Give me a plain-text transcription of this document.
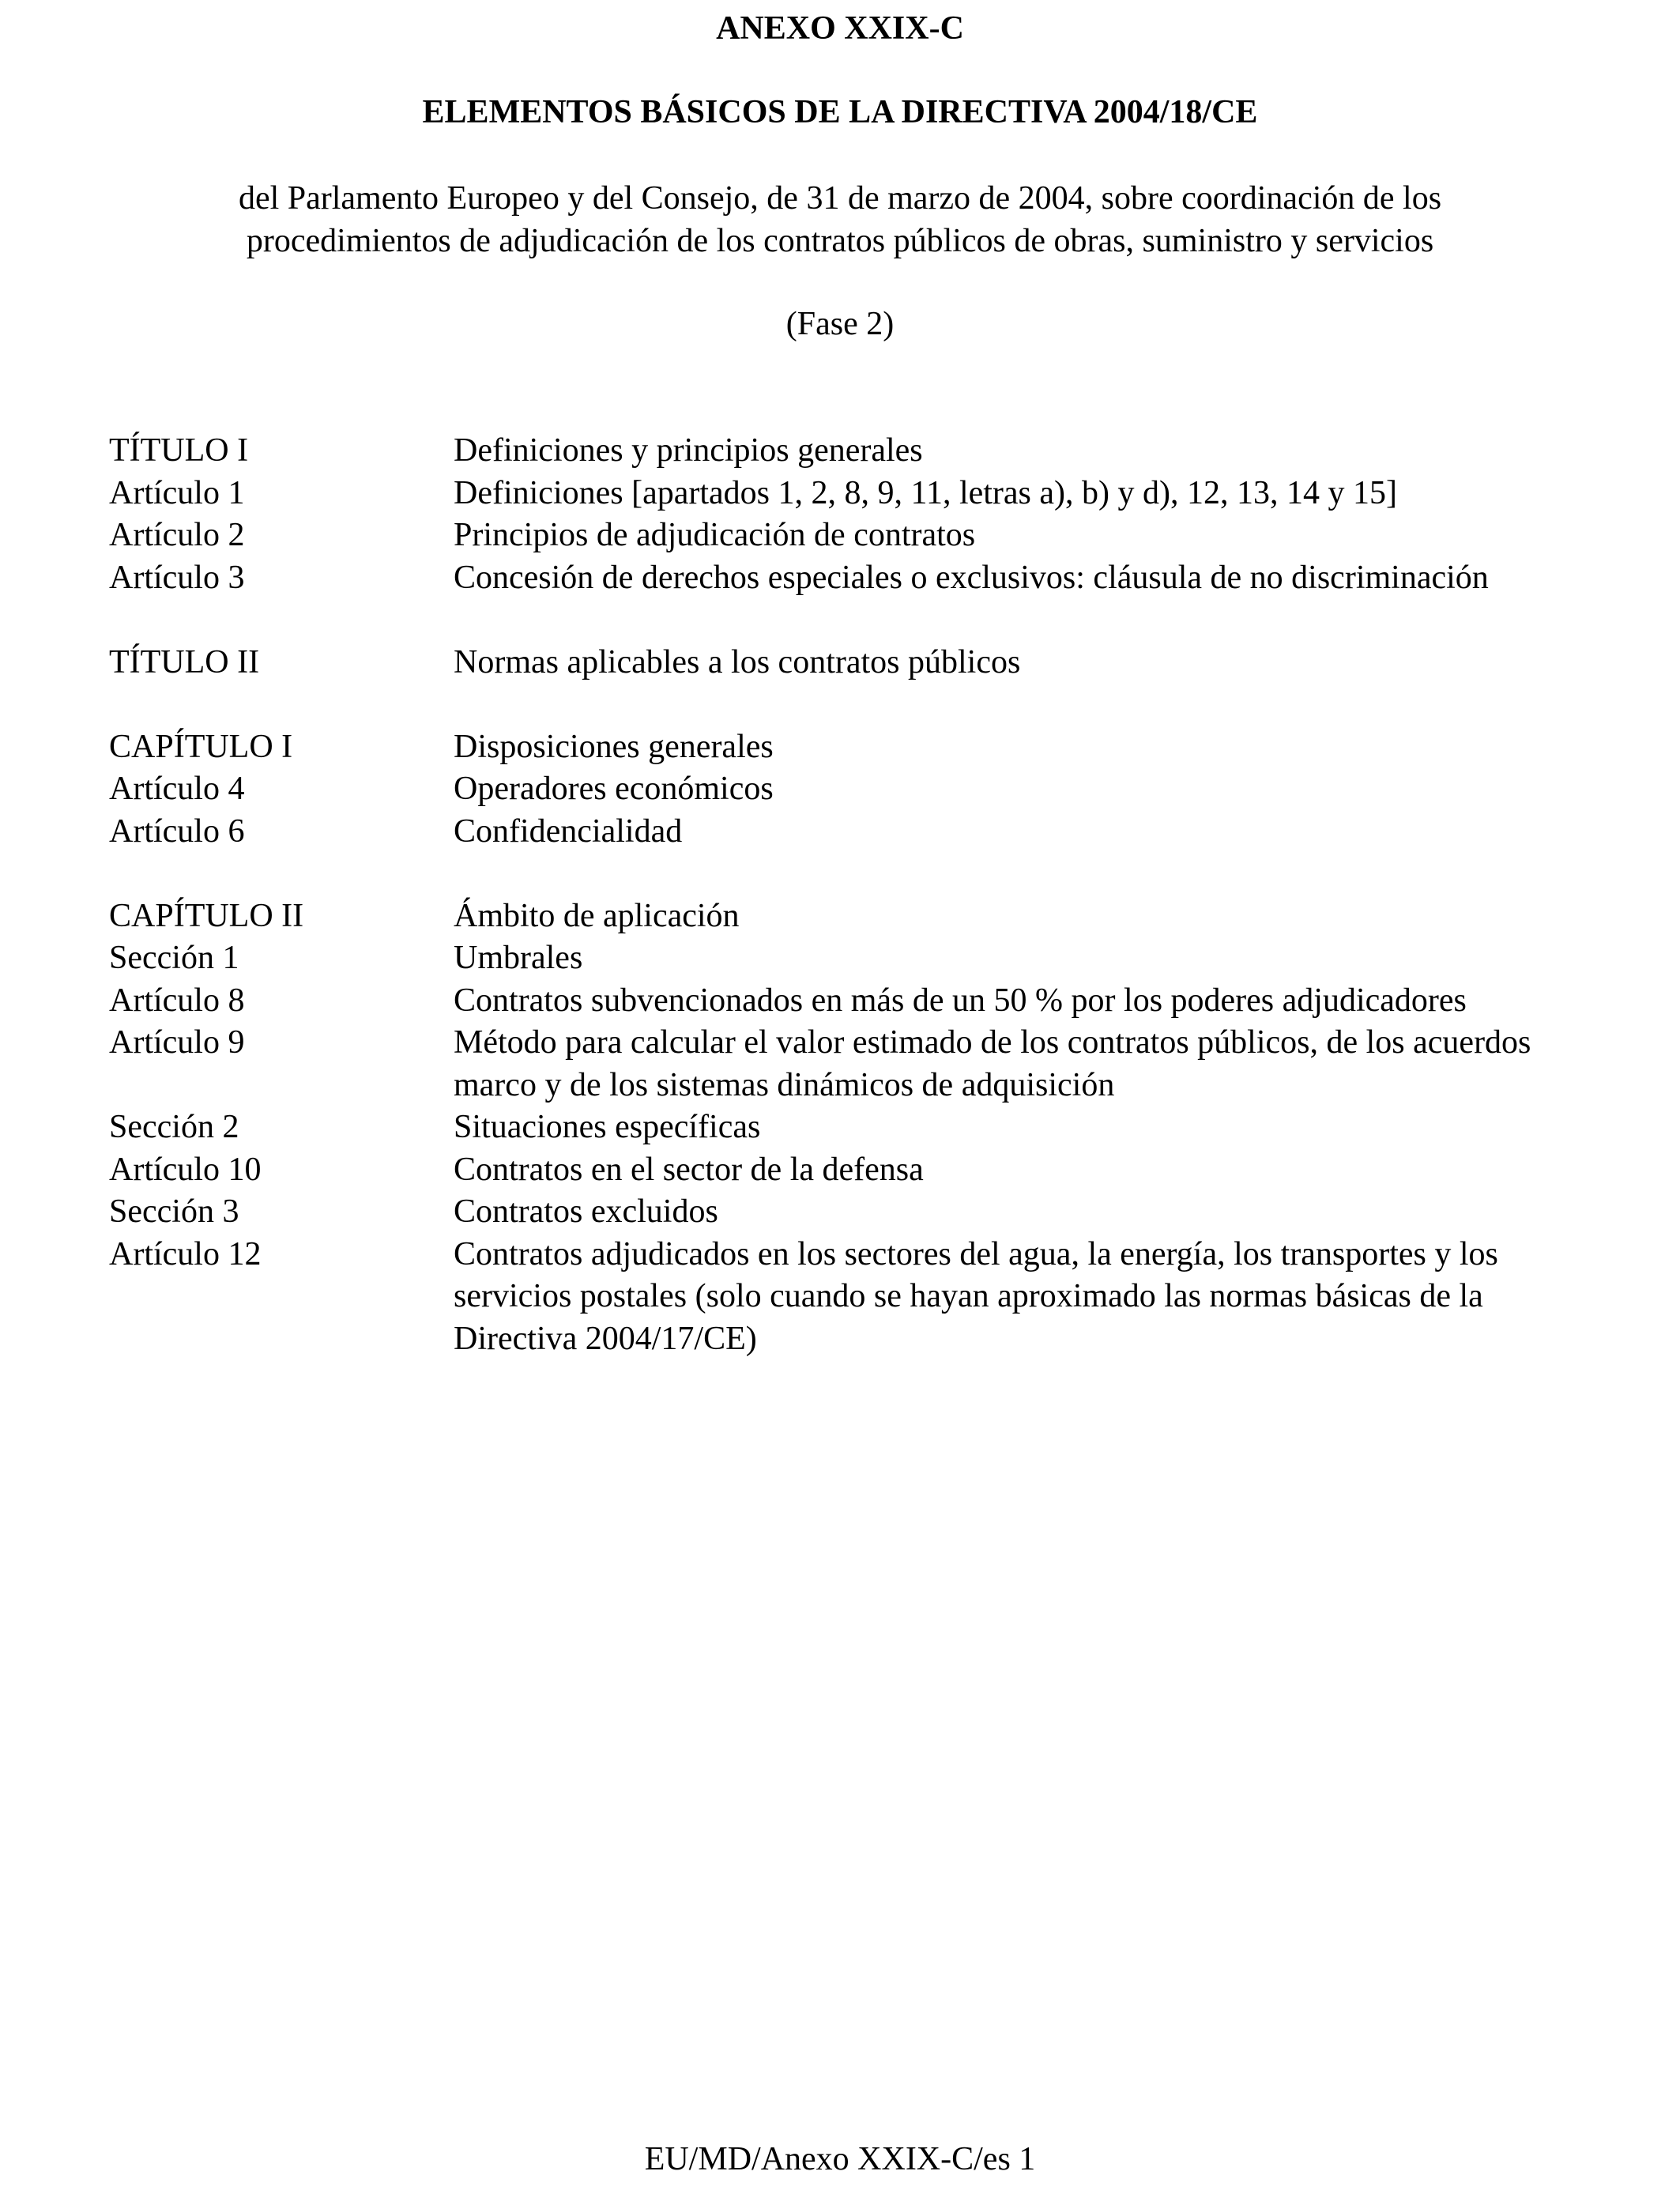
ANEXO XXIX-C

ELEMENTOS BÁSICOS DE LA DIRECTIVA 2004/18/CE

del Parlamento Europeo y del Consejo, de 31 de marzo de 2004, sobre coordinación de los
procedimientos de adjudicación de los contratos públicos de obras, suministro y servicios

(Fase 2)

TÍTULO I	Definiciones y principios generales
Artículo 1	Definiciones [apartados 1, 2, 8, 9, 11, letras a), b) y d), 12, 13, 14 y 15]
Artículo 2	Principios de adjudicación de contratos
Artículo 3	Concesión de derechos especiales o exclusivos: cláusula de no discriminación
TÍTULO II	Normas aplicables a los contratos públicos
CAPÍTULO I	Disposiciones generales
Artículo 4	Operadores económicos
Artículo 6	Confidencialidad
CAPÍTULO II	Ámbito de aplicación
Sección 1	Umbrales
Artículo 8	Contratos subvencionados en más de un 50 % por los poderes adjudicadores
Artículo 9	Método para calcular el valor estimado de los contratos públicos, de los acuerdos marco y de los sistemas dinámicos de adquisición
Sección 2	Situaciones específicas
Artículo 10	Contratos en el sector de la defensa
Sección 3	Contratos excluidos
Artículo 12	Contratos adjudicados en los sectores del agua, la energía, los transportes y los servicios postales (solo cuando se hayan aproximado las normas básicas de la Directiva 2004/17/CE)
EU/MD/Anexo XXIX-C/es 1
